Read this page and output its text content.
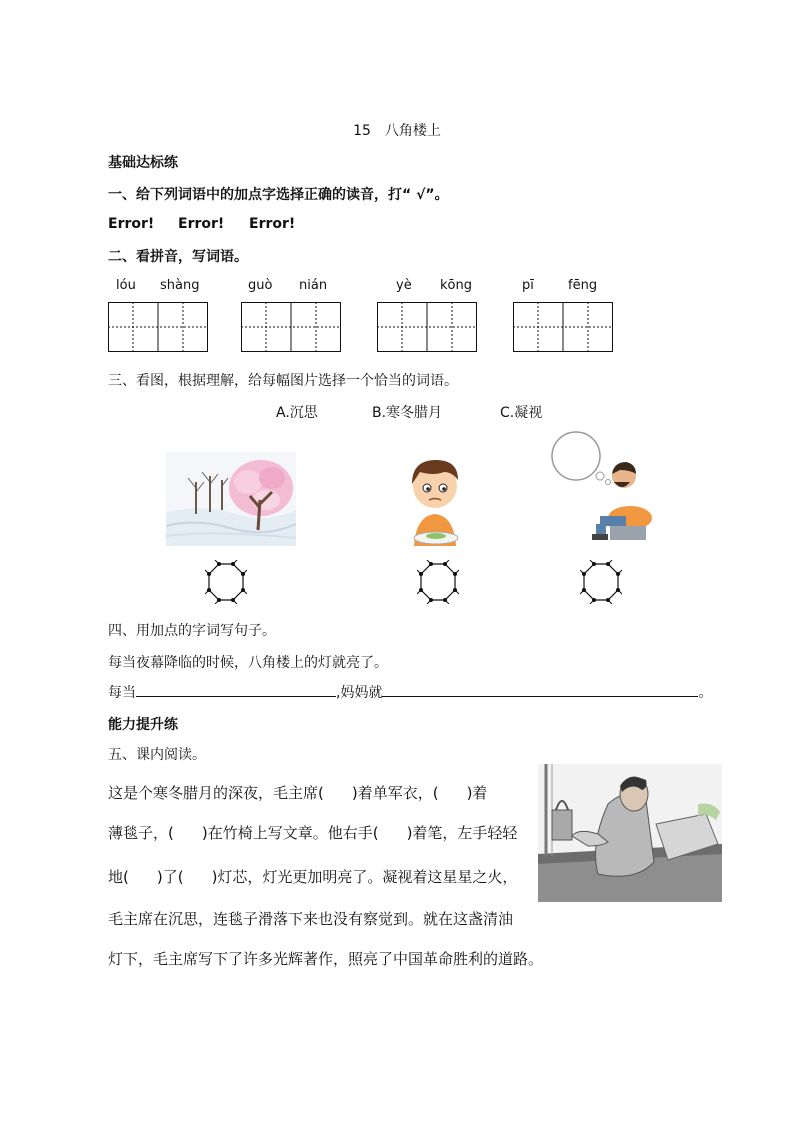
15　八角楼上
基础达标练
一、给下列词语中的加点字选择正确的读音，打“ √”。
Error! Error! Error!
二、看拼音，写词语。
lóu shàng	guò nián	yè kōng	pī	fēng
三、看图，根据理解，给每幅图片选择一个恰当的词语。
A.沉思	B.寒冬腊月	C.凝视
四、用加点的字词写句子。
每当夜幕降临的时候，八角楼上的灯就亮了。
每当	,妈妈就	。
能力提升练
五、课内阅读。
这是个寒冬腊月的深夜，毛主席( )着单军衣，( )着
薄毯子，( )在竹椅上写文章。他右手( )着笔，左手轻轻
地( )了( )灯芯，灯光更加明亮了。凝视着这星星之火，
毛主席在沉思，连毯子滑落下来也没有察觉到。就在这盏清油
灯下，毛主席写下了许多光辉著作，照亮了中国革命胜利的道路。
